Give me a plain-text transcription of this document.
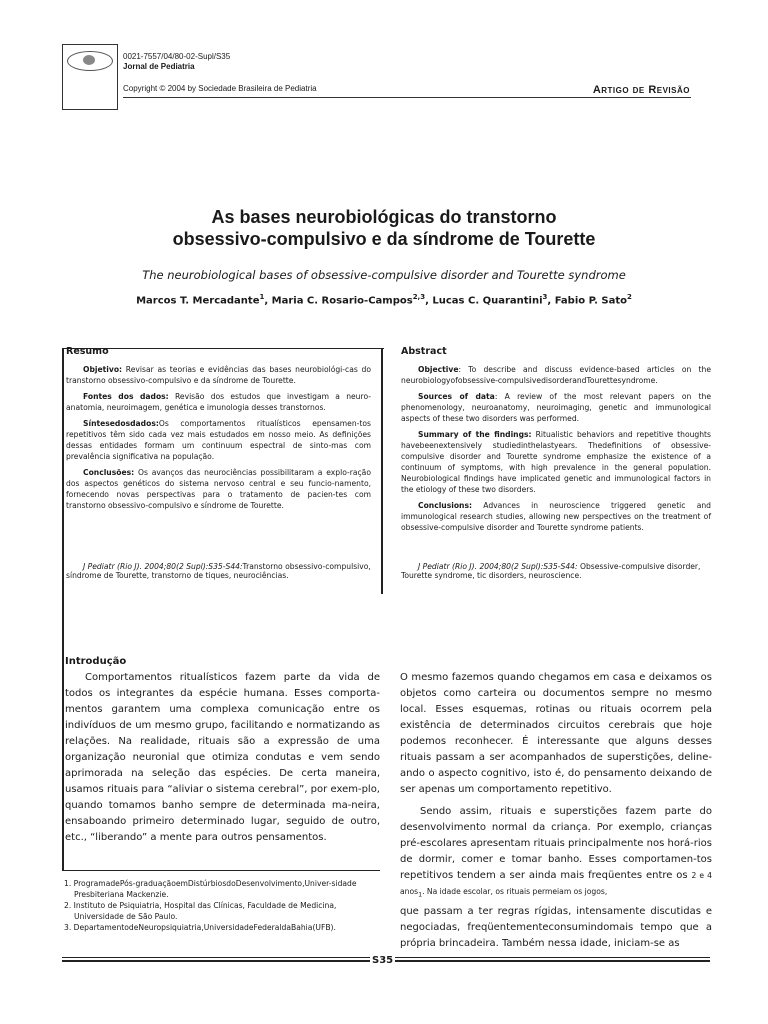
0021-7557/04/80-02-Supl/S35
Jornal de Pediatria
Copyright © 2004 by Sociedade Brasileira de Pediatria	Artigo de Revisão
As bases neurobiológicas do transtorno
obsessivo-compulsivo e da síndrome de Tourette
The neurobiological bases of obsessive-compulsive disorder and Tourette syndrome
Marcos T. Mercadante$^1$, Maria C. Rosario-Campos$^{2,3}$, Lucas C. Quarantini$^3$, Fabio P. Sato$^2$
Resumo	Abstract

Objetivo: Revisar as teorias e evidências das bases neurobiológi-cas do transtorno obsessivo-compulsivo e da síndrome de Tourette.

Fontes dos dados: Revisão dos estudos que investigam a neuro-anatomia, neuroimagem, genética e imunologia desses transtornos.

Síntesedosdados:Os comportamentos ritualísticos epensamen-tos repetitivos têm sido cada vez mais estudados em nosso meio. As definições dessas entidades formam um continuum espectral de sinto-mas com prevalência significativa na população.

Conclusões: Os avanços das neurociências possibilitaram a explo-ração dos aspectos genéticos do sistema nervoso central e seu funcio-namento, fornecendo novas perspectivas para o tratamento de pacien-tes com transtorno obsessivo-compulsivo e síndrome de Tourette.

Objective: To describe and discuss evidence-based articles on the neurobiologyofobsessive-compulsivedisorderandTourettesyndrome.

Sources of data: A review of the most relevant papers on the phenomenology, neuroanatomy, neuroimaging, genetic and immunological aspects of these two disorders was performed.

Summary of the findings: Ritualistic behaviors and repetitive thoughts havebeenextensively studiedinthelastyears. Thedefinitions of obsessive-compulsive disorder and Tourette syndrome emphasize the existence of a continuum of symptoms, with high prevalence in the general population. Neurobiological findings have implicated genetic and immunological factors in the etiology of these two disorders.

Conclusions: Advances in neuroscience triggered genetic and immunological research studies, allowing new perspectives on the treatment of obsessive-compulsive disorder and Tourette syndrome patients.

J Pediatr (Rio J). 2004;80(2 Supl):S35-S44:Transtorno obsessivo-compulsivo, síndrome de Tourette, transtorno de tiques, neurociências.
J Pediatr (Rio J). 2004;80(2 Supl):S35-S44: Obsessive-compulsive disorder, Tourette syndrome, tic disorders, neuroscience.
Introdução

Comportamentos ritualísticos fazem parte da vida de todos os integrantes da espécie humana. Esses comporta-mentos garantem uma complexa comunicação entre os indivíduos de um mesmo grupo, facilitando e normatizando as relações. Na realidade, rituais são a expressão de uma organização neuronial que otimiza condutas e vem sendo aprimorada na seleção das espécies. De certa maneira, usamos rituais para “aliviar o sistema cerebral”, por exem-plo, quando tomamos banho sempre de determinada ma-neira, ensaboando primeiro determinado lugar, seguido de outro, etc., “liberando” a mente para outros pensamentos.

O mesmo fazemos quando chegamos em casa e deixamos os objetos como carteira ou documentos sempre no mesmo local. Esses esquemas, rotinas ou rituais ocorrem pela existência de determinados circuitos cerebrais que hoje podemos reconhecer. É interessante que alguns desses rituais passam a ser acompanhados de superstições, deline-ando o aspecto cognitivo, isto é, do pensamento deixando de ser apenas um comportamento repetitivo.

Sendo assim, rituais e superstições fazem parte do desenvolvimento normal da criança. Por exemplo, crianças pré-escolares apresentam rituais principalmente nos horá-rios de dormir, comer e tomar banho. Esses comportamen-tos repetitivos tendem a ser ainda mais freqüentes entre os 2 e 4 anos$_1$. Na idade escolar, os rituais permeiam os jogos,

que passam a ter regras rígidas, intensamente discutidas e negociadas, freqüentementeconsumindomais tempo que a própria brincadeira. Também nessa idade, iniciam-se as

1. ProgramadePós-graduaçãoemDistúrbiosdoDesenvolvimento,Univer-sidade Presbiteriana Mackenzie.
2. Instituto de Psiquiatria, Hospital das Clínicas, Faculdade de Medicina, Universidade de São Paulo.
3. DepartamentodeNeuropsiquiatria,UniversidadeFederaldaBahia(UFB).
S35
